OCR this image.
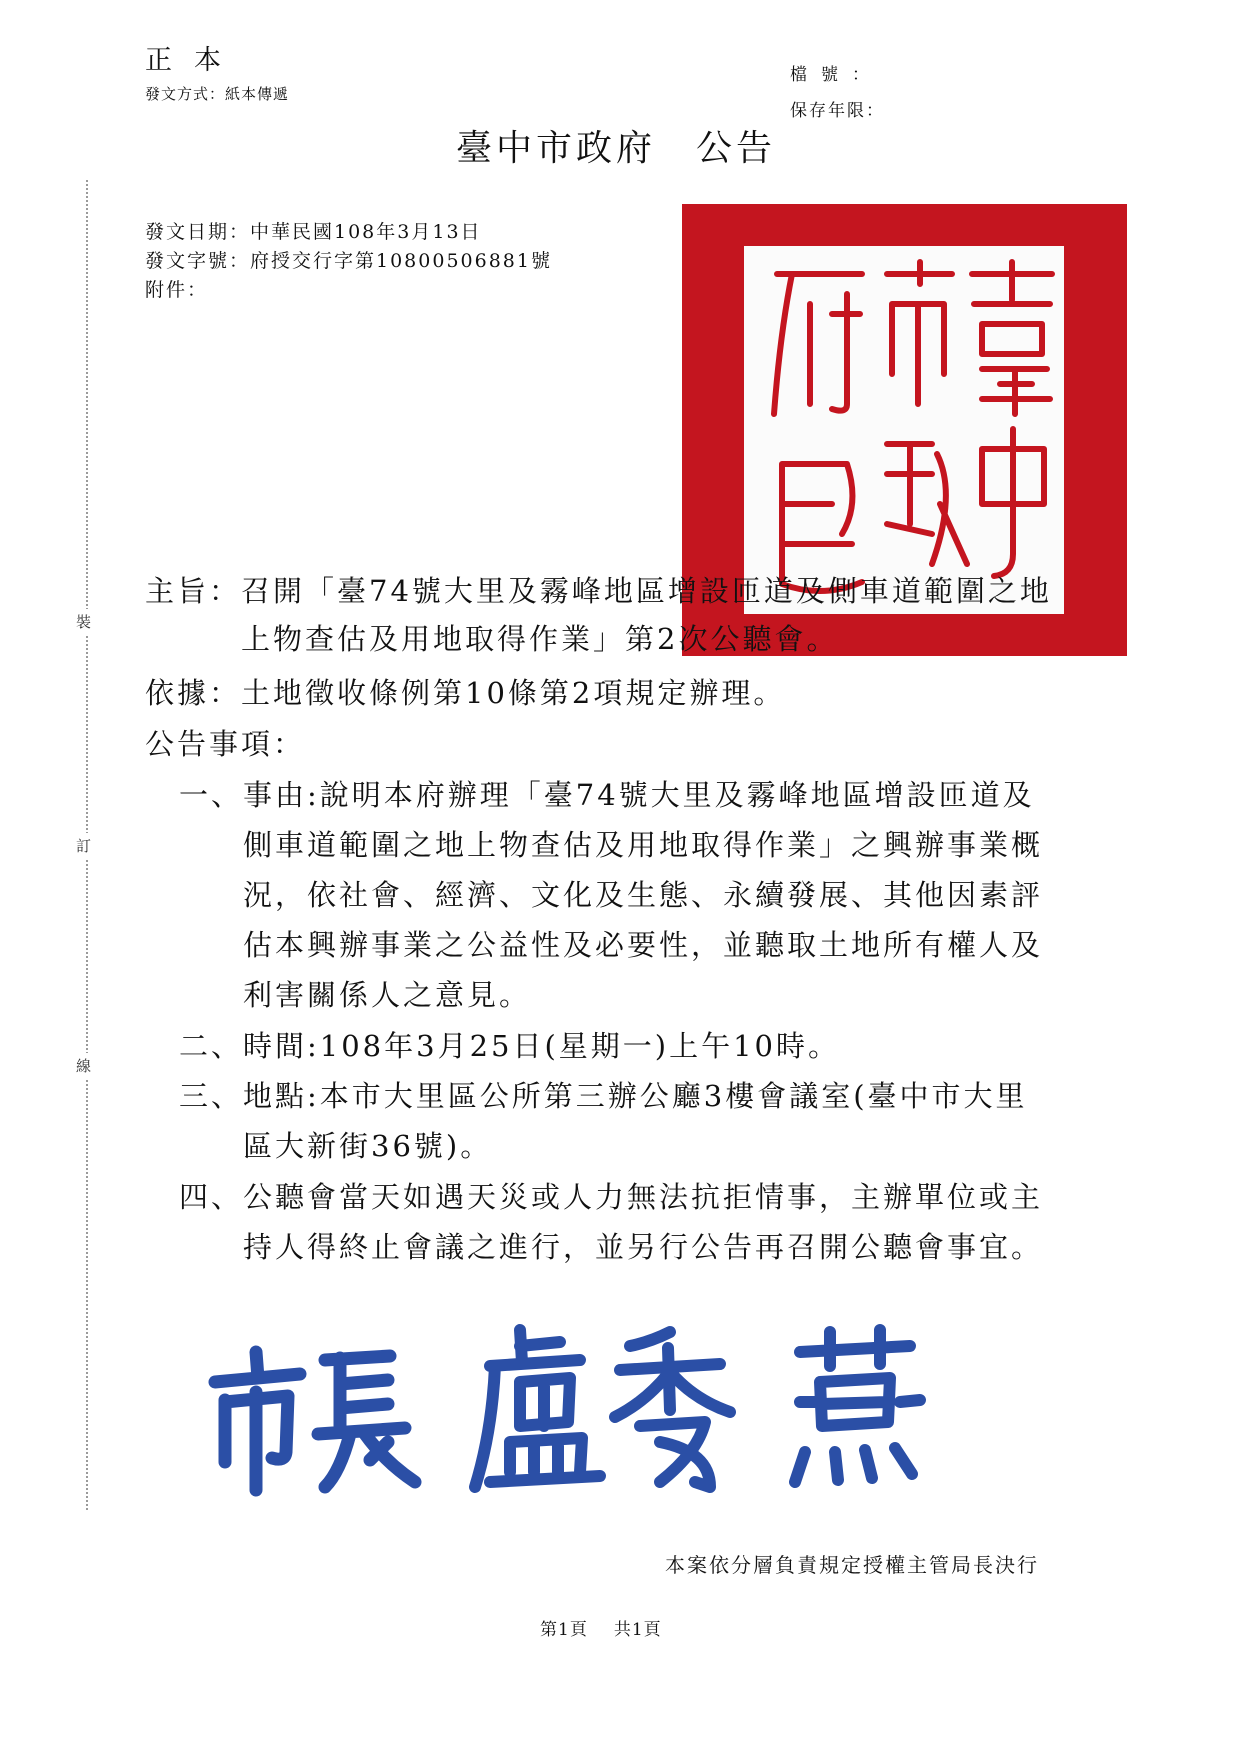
正本
發文方式：紙本傳遞
檔號：
保存年限：
臺中市政府 公告
發文日期：中華民國108年3月13日
發文字號：府授交行字第10800506881號
附件：
裝
訂
線
主旨：召開「臺74號大里及霧峰地區增設匝道及側車道範圍之地
上物查估及用地取得作業」第2次公聽會。
依據：土地徵收條例第10條第2項規定辦理。
公告事項：
一、事由:說明本府辦理「臺74號大里及霧峰地區增設匝道及
側車道範圍之地上物查估及用地取得作業」之興辦事業概
況，依社會、經濟、文化及生態、永續發展、其他因素評
估本興辦事業之公益性及必要性，並聽取土地所有權人及
利害關係人之意見。
二、時間:108年3月25日(星期一)上午10時。
三、地點:本市大里區公所第三辦公廳3樓會議室(臺中市大里
區大新街36號)。
四、公聽會當天如遇天災或人力無法抗拒情事，主辦單位或主
持人得終止會議之進行，並另行公告再召開公聽會事宜。
本案依分層負責規定授權主管局長決行
第1頁 共1頁
